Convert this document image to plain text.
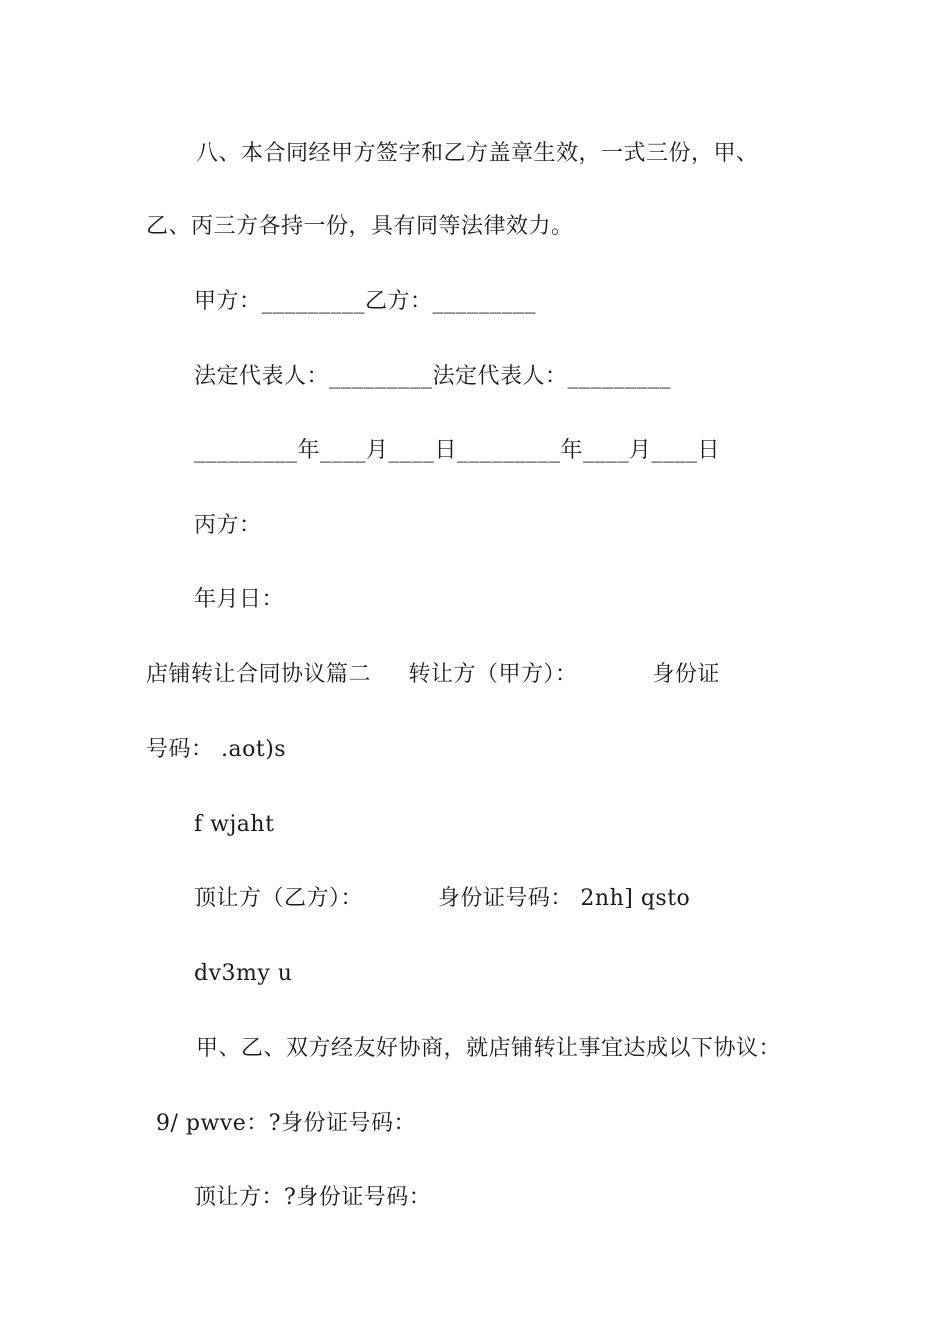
八、本合同经甲方签字和乙方盖章生效，一式三份，甲、
乙、丙三方各持一份，具有同等法律效力。
甲方：_________乙方：_________
法定代表人：_________法定代表人：_________
_________年____月____日_________年____月____日
丙方：
年月日：
店铺转让合同协议篇二     转让方（甲方）：          身份证
号码： .aot)s
f wjaht
顶让方（乙方）：          身份证号码： 2nh] qsto
dv3my u
甲、乙、双方经友好协商，就店铺转让事宜达成以下协议：
9/ pwve：?身份证号码：
顶让方：?身份证号码：
